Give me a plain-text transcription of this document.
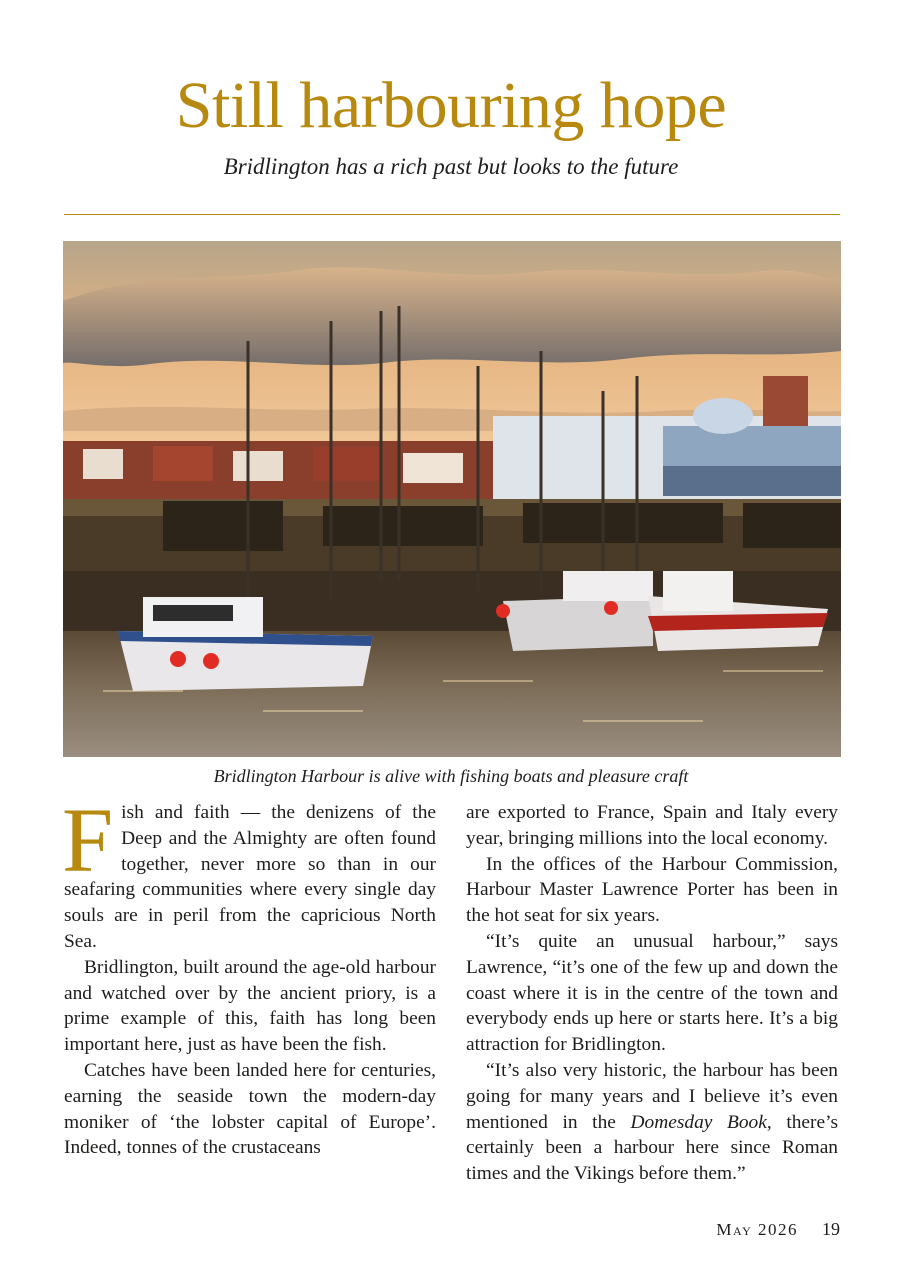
Still harbouring hope

Bridlington has a rich past but looks to the future

Bridlington Harbour is alive with fishing boats and pleasure craft

Fish and faith — the denizens of the Deep and the Almighty are often found together, never more so than in our seafaring communities where every single day souls are in peril from the capricious North Sea.

Bridlington, built around the age-old harbour and watched over by the ancient priory, is a prime example of this, faith has long been important here, just as have been the fish.

Catches have been landed here for centuries, earning the seaside town the modern-day moniker of ‘the lobster capital of Europe’. Indeed, tonnes of the crustaceans

are exported to France, Spain and Italy every year, bringing millions into the local economy.

In the offices of the Harbour Commission, Harbour Master Lawrence Porter has been in the hot seat for six years.

“It’s quite an unusual harbour,” says Lawrence, “it’s one of the few up and down the coast where it is in the centre of the town and everybody ends up here or starts here. It’s a big attraction for Bridlington.

“It’s also very historic, the harbour has been going for many years and I believe it’s even mentioned in the Domesday Book, there’s certainly been a harbour here since Roman times and the Vikings before them.”

May 2026 19
